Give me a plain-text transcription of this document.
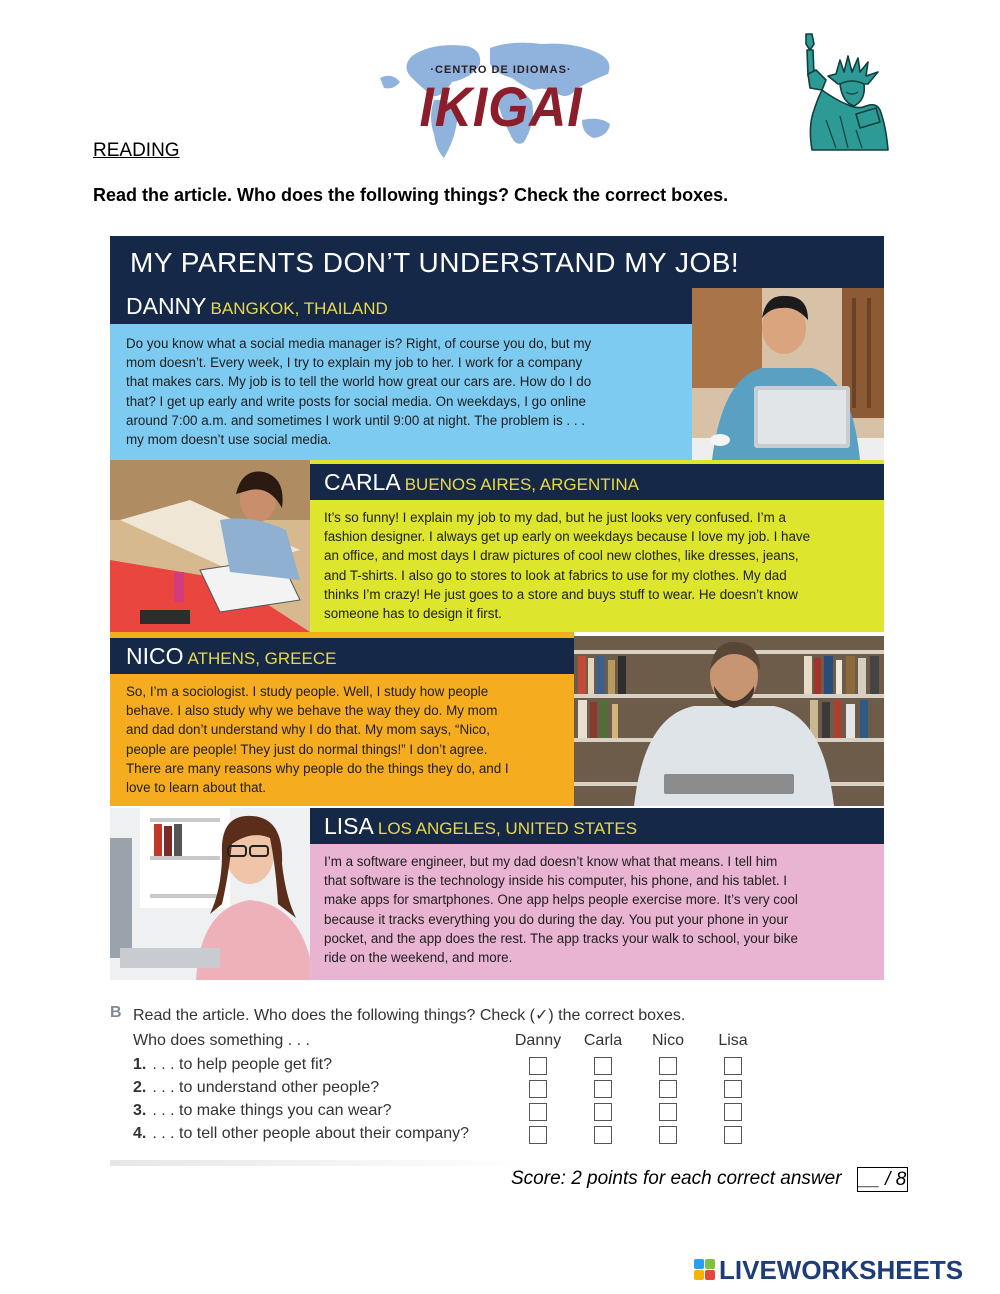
·CENTRO DE IDIOMAS·
IKIGAI
READING
Read the article. Who does the following things? Check the correct boxes.
MY PARENTS DON’T UNDERSTAND MY JOB!
DANNY BANGKOK, THAILAND

Do you know what a social media manager is? Right, of course you do, but my

mom doesn’t. Every week, I try to explain my job to her. I work for a company

that makes cars. My job is to tell the world how great our cars are. How do I do

that? I get up early and write posts for social media. On weekdays, I go online

around 7:00 a.m. and sometimes I work until 9:00 at night. The problem is . . .

my mom doesn’t use social media.

CARLA BUENOS AIRES, ARGENTINA

It’s so funny! I explain my job to my dad, but he just looks very confused. I’m a

fashion designer. I always get up early on weekdays because I love my job. I have

an office, and most days I draw pictures of cool new clothes, like dresses, jeans,

and T-shirts. I also go to stores to look at fabrics to use for my clothes. My dad

thinks I’m crazy! He just goes to a store and buys stuff to wear. He doesn’t know

someone has to design it first.

NICO ATHENS, GREECE

So, I’m a sociologist. I study people. Well, I study how people

behave. I also study why we behave the way they do. My mom

and dad don’t understand why I do that. My mom says, “Nico,

people are people! They just do normal things!” I don’t agree.

There are many reasons why people do the things they do, and I

love to learn about that.

LISA LOS ANGELES, UNITED STATES

I’m a software engineer, but my dad doesn’t know what that means. I tell him

that software is the technology inside his computer, his phone, and his tablet. I

make apps for smartphones. One app helps people exercise more. It’s very cool

because it tracks everything you do during the day. You put your phone in your

pocket, and the app does the rest. The app tracks your walk to school, your bike

ride on the weekend, and more.

B Read the article. Who does the following things? Check (✓) the correct boxes.
Who does something . . .	Danny	Carla	Nico	Lisa
1. . . . to help people get fit?
2. . . . to understand other people?
3. . . . to make things you can wear?
4. . . . to tell other people about their company?
Score: 2 points for each correct answer __ / 8
LIVEWORKSHEETS
